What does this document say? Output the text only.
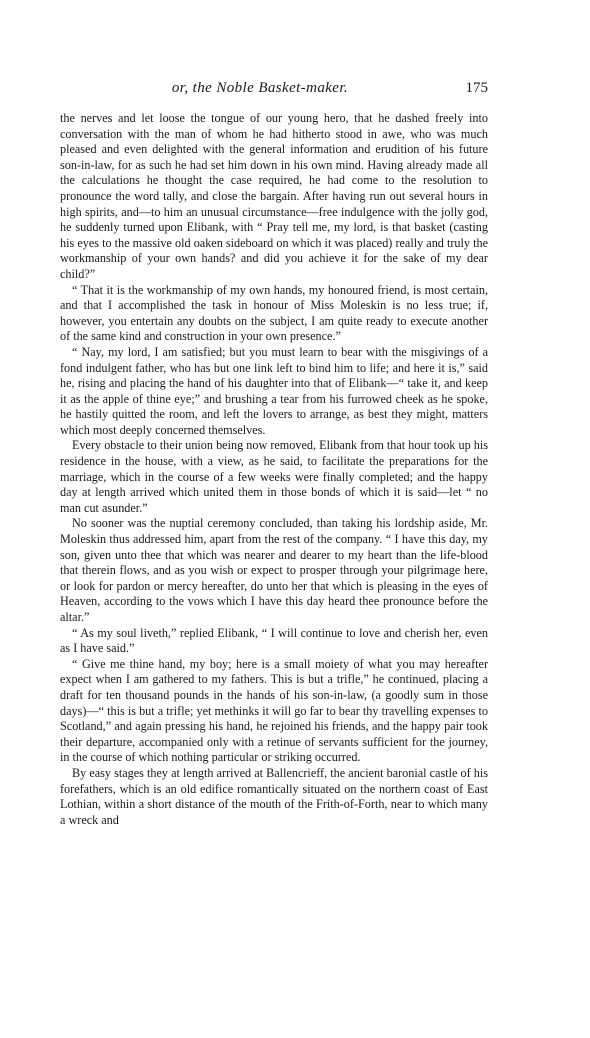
or, the Noble Basket-maker.	175

the nerves and let loose the tongue of our young hero, that he dashed freely into conversation with the man of whom he had hitherto stood in awe, who was much pleased and even delighted with the general information and erudition of his future son-in-law, for as such he had set him down in his own mind. Having already made all the calculations he thought the case required, he had come to the resolution to pronounce the word tally, and close the bargain. After having run out several hours in high spirits, and—to him an unusual circumstance—free indulgence with the jolly god, he suddenly turned upon Elibank, with “ Pray tell me, my lord, is that basket (casting his eyes to the massive old oaken sideboard on which it was placed) really and truly the workmanship of your own hands? and did you achieve it for the sake of my dear child?”

“ That it is the workmanship of my own hands, my honoured friend, is most certain, and that I accomplished the task in honour of Miss Moleskin is no less true; if, however, you entertain any doubts on the subject, I am quite ready to execute another of the same kind and construction in your own presence.”

“ Nay, my lord, I am satisfied; but you must learn to bear with the misgivings of a fond indulgent father, who has but one link left to bind him to life; and here it is,” said he, rising and placing the hand of his daughter into that of Elibank—“ take it, and keep it as the apple of thine eye;” and brushing a tear from his furrowed cheek as he spoke, he hastily quitted the room, and left the lovers to arrange, as best they might, matters which most deeply concerned themselves.

Every obstacle to their union being now removed, Elibank from that hour took up his residence in the house, with a view, as he said, to facilitate the preparations for the marriage, which in the course of a few weeks were finally completed; and the happy day at length arrived which united them in those bonds of which it is said—let “ no man cut asunder.”

No sooner was the nuptial ceremony concluded, than taking his lordship aside, Mr. Moleskin thus addressed him, apart from the rest of the company. “ I have this day, my son, given unto thee that which was nearer and dearer to my heart than the life-blood that therein flows, and as you wish or expect to prosper through your pilgrimage here, or look for pardon or mercy hereafter, do unto her that which is pleasing in the eyes of Heaven, according to the vows which I have this day heard thee pronounce before the altar.”

“ As my soul liveth,” replied Elibank, “ I will continue to love and cherish her, even as I have said.”

“ Give me thine hand, my boy; here is a small moiety of what you may hereafter expect when I am gathered to my fathers. This is but a trifle,” he continued, placing a draft for ten thousand pounds in the hands of his son-in-law, (a goodly sum in those days)—“ this is but a trifle; yet methinks it will go far to bear thy travelling expenses to Scotland,” and again pressing his hand, he rejoined his friends, and the happy pair took their departure, accompanied only with a retinue of servants sufficient for the journey, in the course of which nothing particular or striking occurred.

By easy stages they at length arrived at Ballencrieff, the ancient baronial castle of his forefathers, which is an old edifice romantically situated on the northern coast of East Lothian, within a short distance of the mouth of the Frith-of-Forth, near to which many a wreck and
